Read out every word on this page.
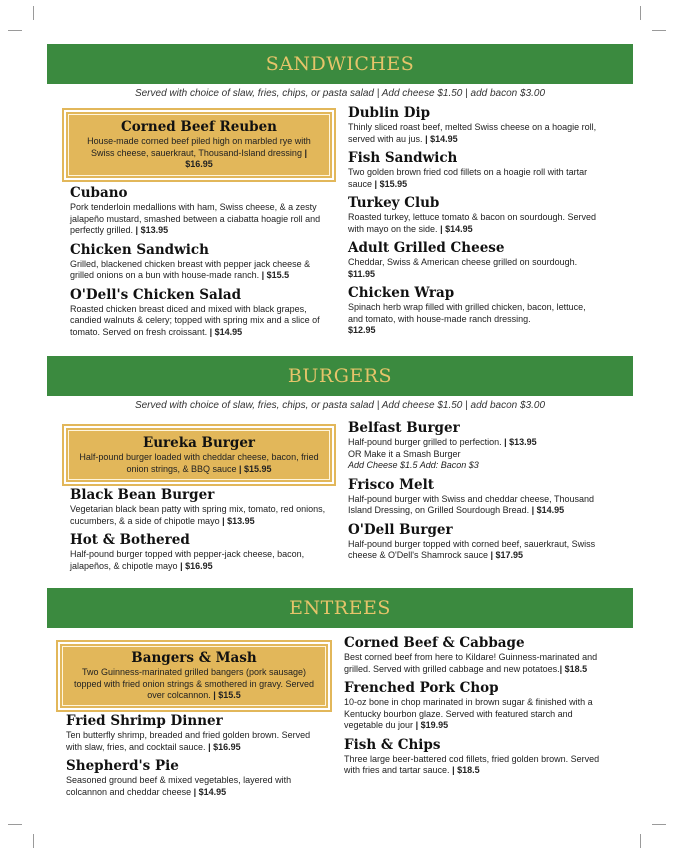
SANDWICHES
Served with choice of slaw, fries, chips, or pasta salad | Add cheese $1.50 | add bacon $3.00
Corned Beef Reuben
House-made corned beef piled high on marbled rye with Swiss cheese, sauerkraut, Thousand-Island dressing | $16.95
Cubano
Pork tenderloin medallions with ham, Swiss cheese, & a zesty jalapeño mustard, smashed between a ciabatta hoagie roll and perfectly grilled. | $13.95
Chicken Sandwich
Grilled, blackened chicken breast with pepper jack cheese & grilled onions on a bun with house-made ranch. | $15.5
O'Dell's Chicken Salad
Roasted chicken breast diced and mixed with black grapes, candied walnuts & celery; topped with spring mix and a slice of tomato. Served on fresh croissant. | $14.95
Dublin Dip
Thinly sliced roast beef, melted Swiss cheese on a hoagie roll, served with au jus. | $14.95
Fish Sandwich
Two golden brown fried cod fillets on a hoagie roll with tartar sauce | $15.95
Turkey Club
Roasted turkey, lettuce tomato & bacon on sourdough. Served with mayo on the side. | $14.95
Adult Grilled Cheese
Cheddar, Swiss & American cheese grilled on sourdough.
$11.95
Chicken Wrap
Spinach herb wrap filled with grilled chicken, bacon, lettuce, and tomato, with house-made ranch dressing.
$12.95
BURGERS
Served with choice of slaw, fries, chips, or pasta salad | Add cheese $1.50 | add bacon $3.00
Eureka Burger
Half-pound burger loaded with cheddar cheese, bacon, fried onion strings, & BBQ sauce | $15.95
Black Bean Burger
Vegetarian black bean patty with spring mix, tomato, red onions, cucumbers, & a side of chipotle mayo | $13.95
Hot & Bothered
Half-pound burger topped with pepper-jack cheese, bacon, jalapeños, & chipotle mayo | $16.95
Belfast Burger
Half-pound burger grilled to perfection. | $13.95
OR Make it a Smash Burger
Add Cheese $1.5 Add: Bacon $3
Frisco Melt
Half-pound burger with Swiss and cheddar cheese, Thousand Island Dressing, on Grilled Sourdough Bread. | $14.95
O'Dell Burger
Half-pound burger topped with corned beef, sauerkraut, Swiss cheese & O'Dell's Shamrock sauce | $17.95
ENTREES
Bangers & Mash
Two Guinness-marinated grilled bangers (pork sausage) topped with fried onion strings & smothered in gravy. Served over colcannon. | $15.5
Fried Shrimp Dinner
Ten butterfly shrimp, breaded and fried golden brown. Served with slaw, fries, and cocktail sauce. | $16.95
Shepherd's Pie
Seasoned ground beef & mixed vegetables, layered with colcannon and cheddar cheese | $14.95
Corned Beef & Cabbage
Best corned beef from here to Kildare! Guinness-marinated and grilled. Served with grilled cabbage and new potatoes.| $18.5
Frenched Pork Chop
10-oz bone in chop marinated in brown sugar & finished with a Kentucky bourbon glaze. Served with featured starch and vegetable du jour | $19.95
Fish & Chips
Three large beer-battered cod fillets, fried golden brown. Served with fries and tartar sauce. | $18.5
